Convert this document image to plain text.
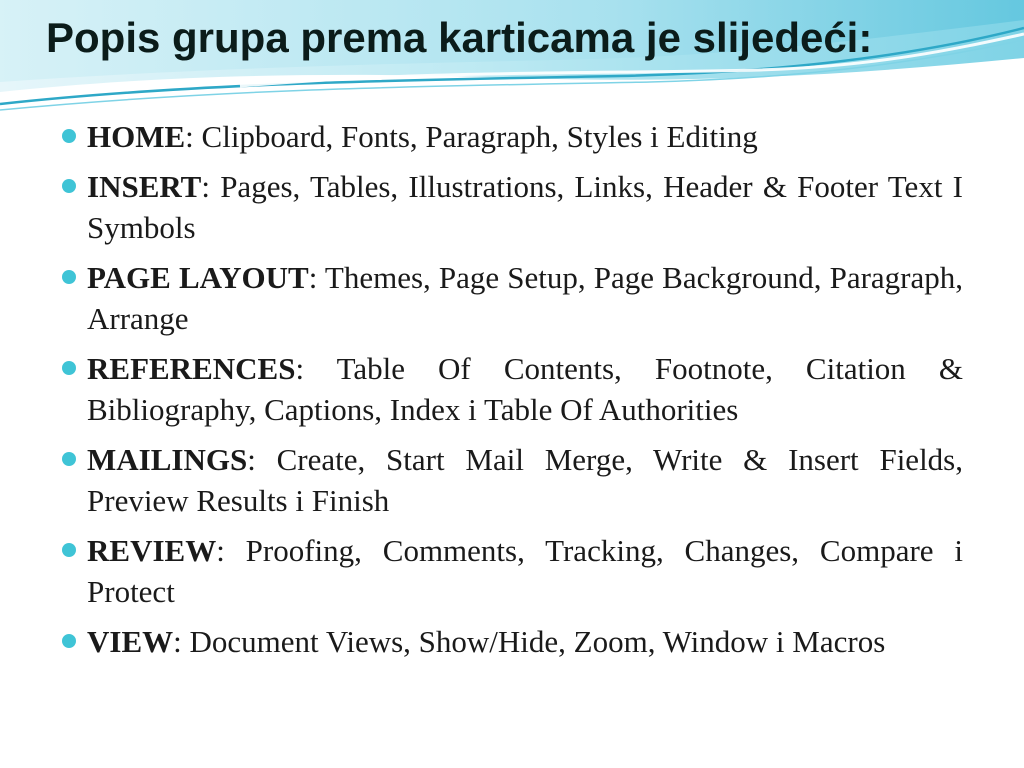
Popis grupa prema karticama je slijedeći:
HOME: Clipboard, Fonts, Paragraph, Styles i Editing
INSERT: Pages, Tables, Illustrations, Links, Header & Footer Text I Symbols
PAGE LAYOUT: Themes, Page Setup, Page Background, Paragraph, Arrange
REFERENCES: Table Of Contents, Footnote, Citation & Bibliography, Captions, Index i Table Of Authorities
MAILINGS: Create, Start Mail Merge, Write & Insert Fields, Preview Results i Finish
REVIEW: Proofing, Comments, Tracking, Changes, Compare i Protect
VIEW: Document Views, Show/Hide, Zoom, Window i Macros
